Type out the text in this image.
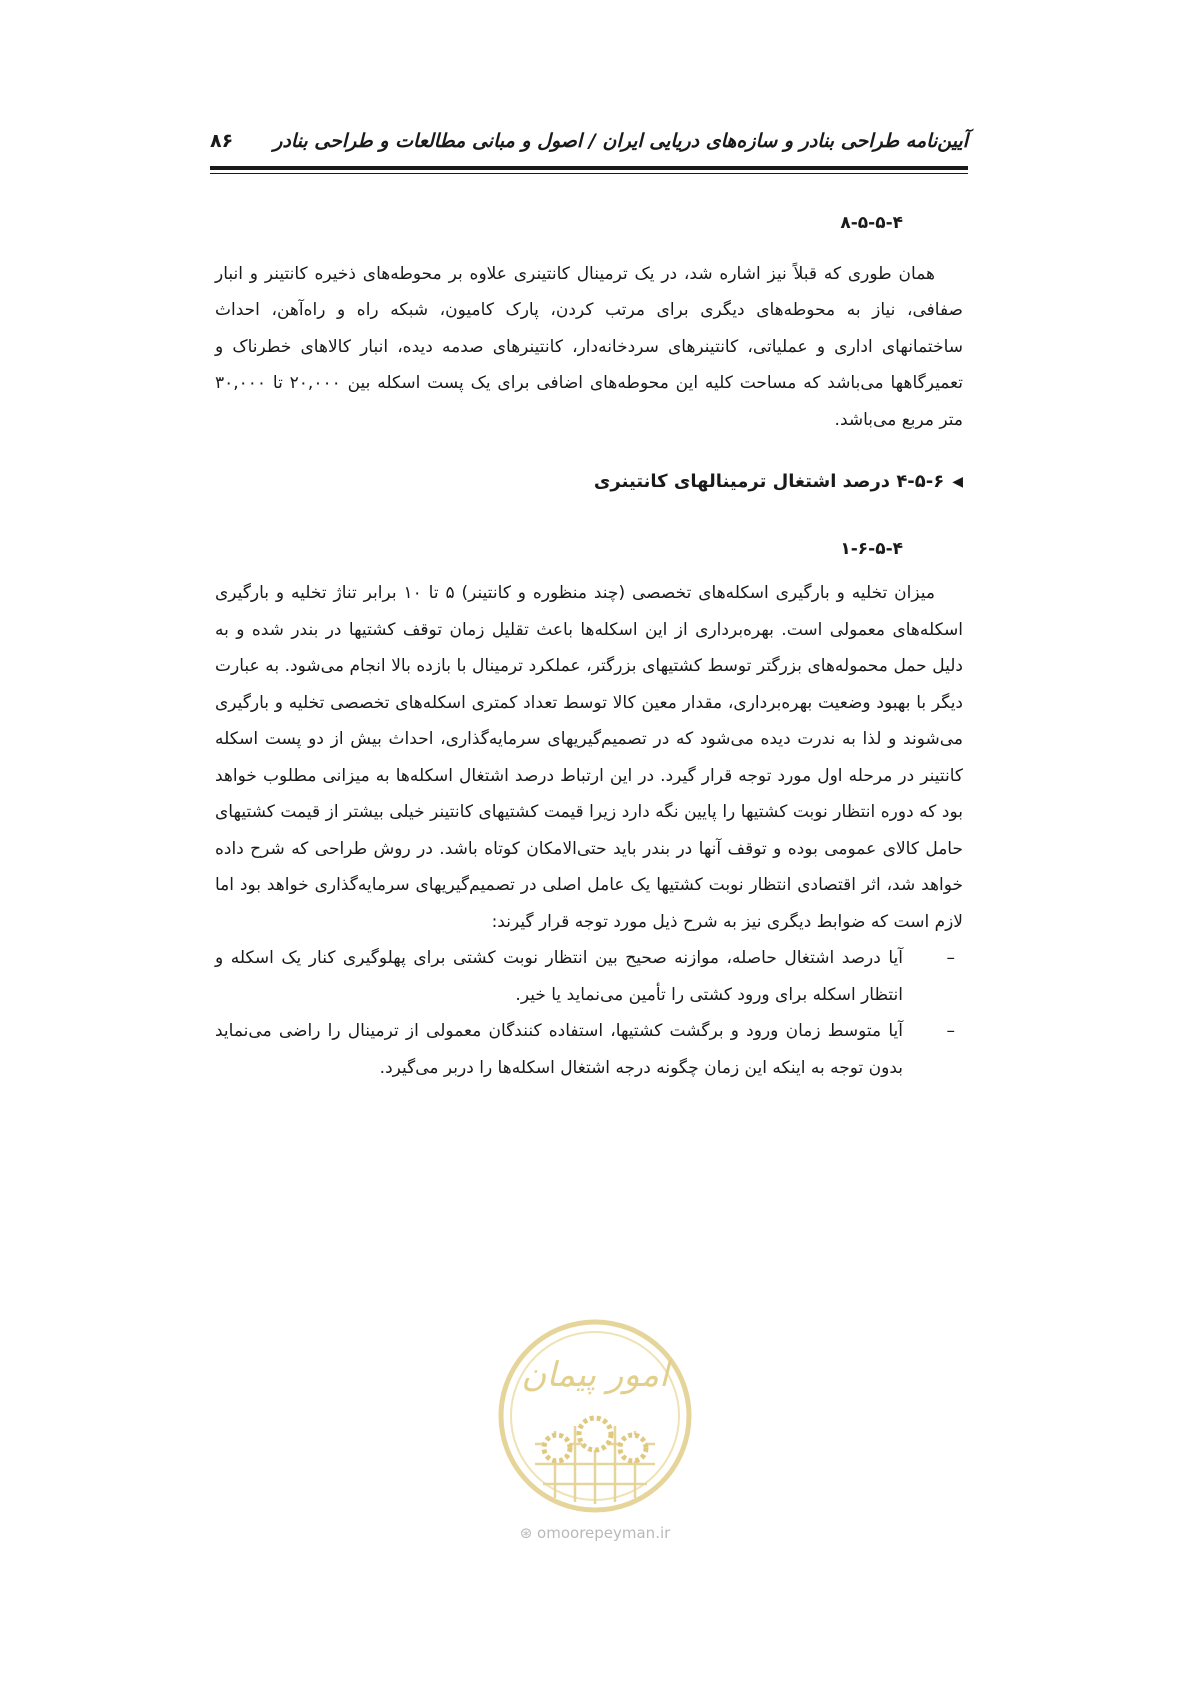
آیین‌نامه طراحی بنادر و سازه‌های دریایی ایران / اصول و مبانی مطالعات و طراحی بنادر
۸۶
۸-۵-۵-۴

همان طوری که قبلاً نیز اشاره شد، در یک ترمینال کانتینری علاوه بر محوطه‌های ذخیره کانتینر و انبار صفافی، نیاز به محوطه‌های دیگری برای مرتب کردن، پارک کامیون، شبکه راه و راه‌آهن، احداث ساختمانهای اداری و عملیاتی، کانتینرهای سردخانه‌دار، کانتینرهای صدمه دیده، انبار کالاهای خطرناک و تعمیرگاهها می‌باشد که مساحت کلیه این محوطه‌های اضافی برای یک پست اسکله بین ۲۰,۰۰۰ تا ۳۰,۰۰۰ متر مربع می‌باشد.

◀
۴-۵-۶ درصد اشتغال ترمینالهای کانتینری
۱-۶-۵-۴

میزان تخلیه و بارگیری اسکله‌های تخصصی (چند منظوره و کانتینر) ۵ تا ۱۰ برابر تناژ تخلیه و بارگیری اسکله‌های معمولی است. بهره‌برداری از این اسکله‌ها باعث تقلیل زمان توقف کشتیها در بندر شده و به دلیل حمل محموله‌های بزرگتر توسط کشتیهای بزرگتر، عملکرد ترمینال با بازده بالا انجام می‌شود. به عبارت دیگر با بهبود وضعیت بهره‌برداری، مقدار معین کالا توسط تعداد کمتری اسکله‌های تخصصی تخلیه و بارگیری می‌شوند و لذا به ندرت دیده می‌شود که در تصمیم‌گیریهای سرمایه‌گذاری، احداث بیش از دو پست اسکله کانتینر در مرحله اول مورد توجه قرار گیرد. در این ارتباط درصد اشتغال اسکله‌ها به میزانی مطلوب خواهد بود که دوره انتظار نوبت کشتیها را پایین نگه دارد زیرا قیمت کشتیهای کانتینر خیلی بیشتر از قیمت کشتیهای حامل کالای عمومی بوده و توقف آنها در بندر باید حتی‌الامکان کوتاه باشد. در روش طراحی که شرح داده خواهد شد، اثر اقتصادی انتظار نوبت کشتیها یک عامل اصلی در تصمیم‌گیریهای سرمایه‌گذاری خواهد بود اما لازم است که ضوابط دیگری نیز به شرح ذیل مورد توجه قرار گیرند:

–
آیا درصد اشتغال حاصله، موازنه صحیح بین انتظار نوبت کشتی برای پهلوگیری کنار یک اسکله و انتظار اسکله برای ورود کشتی را تأمین می‌نماید یا خیر.
–
آیا متوسط زمان ورود و برگشت کشتیها، استفاده کنندگان معمولی از ترمینال را راضی می‌نماید بدون توجه به اینکه این زمان چگونه درجه اشتغال اسکله‌ها را دربر می‌گیرد.
امور پیمان
⊛ omoorepeyman.ir
